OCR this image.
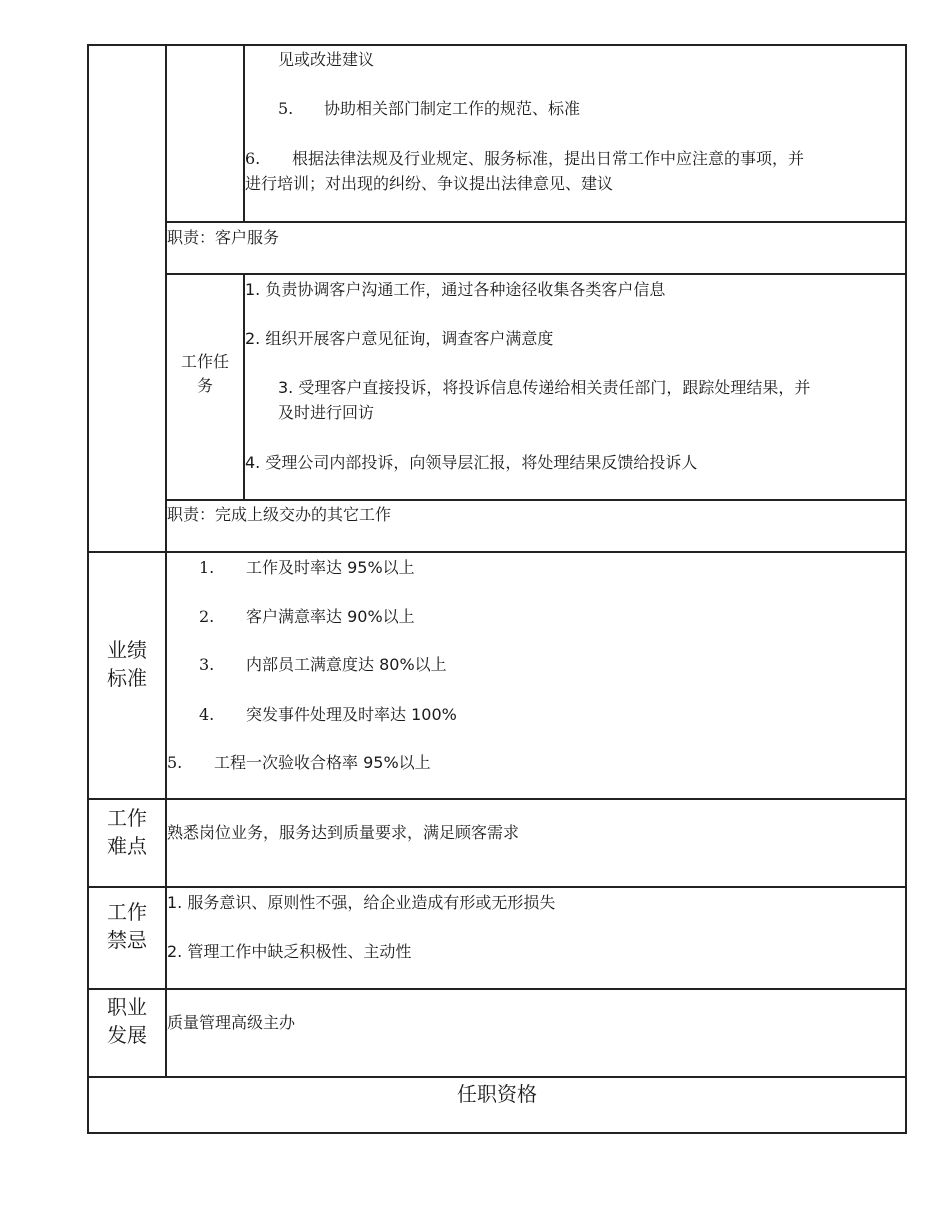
见或改进建议
5. 协助相关部门制定工作的规范、标准
6. 根据法律法规及行业规定、服务标准，提出日常工作中应注意的事项，并
进行培训；对出现的纠纷、争议提出法律意见、建议
职责：客户服务
工作任
务
1. 负责协调客户沟通工作，通过各种途径收集各类客户信息
2. 组织开展客户意见征询，调查客户满意度
3. 受理客户直接投诉，将投诉信息传递给相关责任部门，跟踪处理结果，并
及时进行回访
4. 受理公司内部投诉，向领导层汇报，将处理结果反馈给投诉人
职责：完成上级交办的其它工作
业绩
标准
1. 工作及时率达 95%以上
2. 客户满意率达 90%以上
3. 内部员工满意度达 80%以上
4. 突发事件处理及时率达 100%
5. 工程一次验收合格率 95%以上
工作
难点
熟悉岗位业务，服务达到质量要求，满足顾客需求
工作
禁忌
1. 服务意识、原则性不强，给企业造成有形或无形损失
2. 管理工作中缺乏积极性、主动性
职业
发展
质量管理高级主办
任职资格
